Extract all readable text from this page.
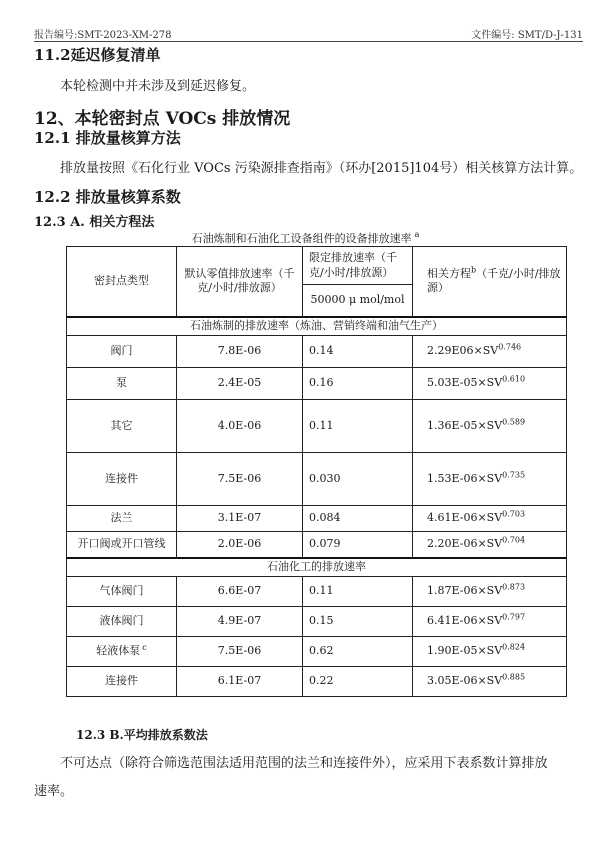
报告编号:SMT-2023-XM-278	文件编号: SMT/D-J-131
11.2延迟修复清单
本轮检测中并未涉及到延迟修复。
12、本轮密封点 VOCs 排放情况
12.1 排放量核算方法
排放量按照《石化行业 VOCs 污染源排查指南》（环办[2015]104号）相关核算方法计算。
12.2 排放量核算系数
12.3 A. 相关方程法
石油炼制和石油化工设备组件的设备排放速率 $^a$
密封点类型	默认零值排放速率（千克/小时/排放源）	限定排放速率（千克/小时/排放源）	相关方程$^b$（千克/小时/排放源）
		50000 μ mol/mol	
石油炼制的排放速率（炼油、营销终端和油气生产）			
阀门	7.8E-06	0.14	$2.29E06\times SV^{0.746}$
泵	2.4E-05	0.16	$5.03E-05\times SV^{0.610}$
其它	4.0E-06	0.11	$1.36E-05\times SV^{0.589}$
连接件	7.5E-06	0.030	$1.53E-06\times SV^{0.735}$
法兰	3.1E-07	0.084	$4.61E-06\times SV^{0.703}$
开口阀或开口管线	2.0E-06	0.079	$2.20E-06\times SV^{0.704}$
石油化工的排放速率			
气体阀门	6.6E-07	0.11	$1.87E-06\times SV^{0.873}$
液体阀门	4.9E-07	0.15	$6.41E-06\times SV^{0.797}$
轻液体泵 $^c$	7.5E-06	0.62	$1.90E-05\times SV^{0.824}$
连接件	6.1E-07	0.22	$3.05E-06\times SV^{0.885}$
12.3 B.平均排放系数法
不可达点（除符合筛选范围法适用范围的法兰和连接件外），应采用下表系数计算排放
速率。
